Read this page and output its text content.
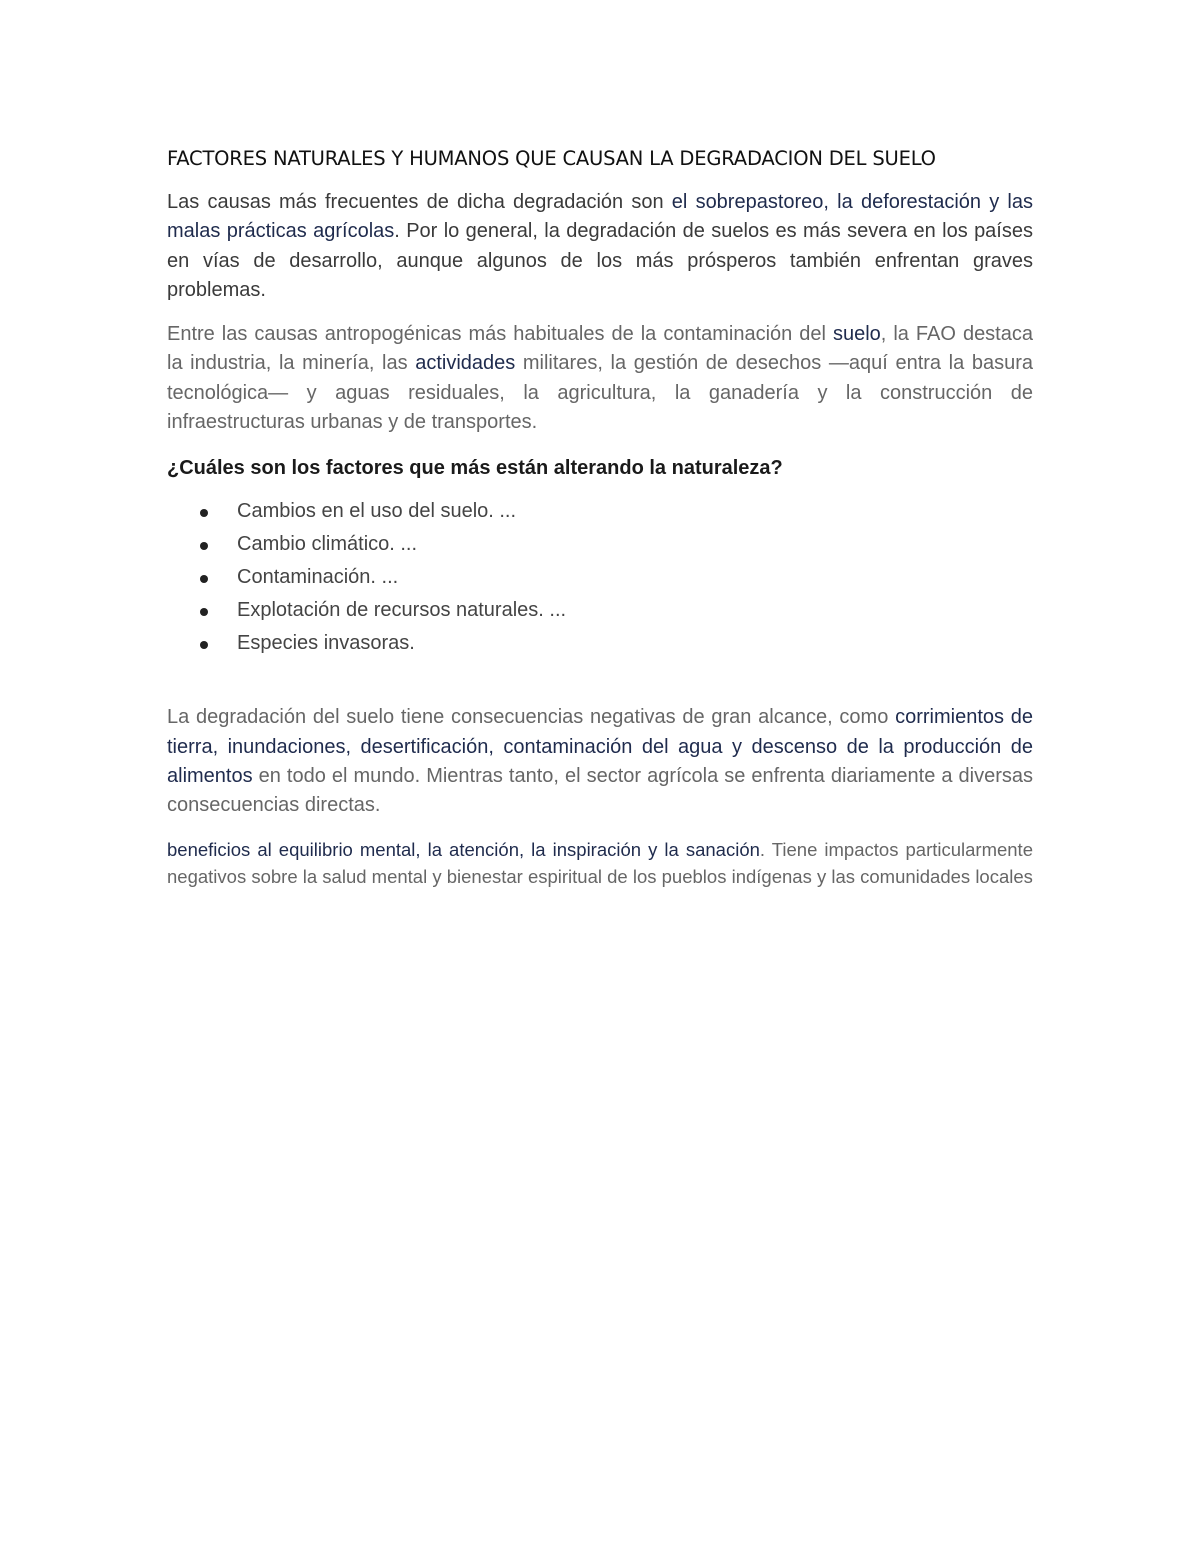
FACTORES NATURALES Y HUMANOS QUE CAUSAN LA DEGRADACION DEL SUELO

Las causas más frecuentes de dicha degradación son el sobrepastoreo, la deforestación y las malas prácticas agrícolas. Por lo general, la degradación de suelos es más severa en los países en vías de desarrollo, aunque algunos de los más prósperos también enfrentan graves problemas.

Entre las causas antropogénicas más habituales de la contaminación del suelo, la FAO destaca la industria, la minería, las actividades militares, la gestión de desechos —aquí entra la basura tecnológica— y aguas residuales, la agricultura, la ganadería y la construcción de infraestructuras urbanas y de transportes.

¿Cuáles son los factores que más están alterando la naturaleza?

Cambios en el uso del suelo. ...
Cambio climático. ...
Contaminación. ...
Explotación de recursos naturales. ...
Especies invasoras.

La degradación del suelo tiene consecuencias negativas de gran alcance, como corrimientos de tierra, inundaciones, desertificación, contaminación del agua y descenso de la producción de alimentos en todo el mundo. Mientras tanto, el sector agrícola se enfrenta diariamente a diversas consecuencias directas.

beneficios al equilibrio mental, la atención, la inspiración y la sanación. Tiene impactos particularmente negativos sobre la salud mental y bienestar espiritual de los pueblos indígenas y las comunidades locales
